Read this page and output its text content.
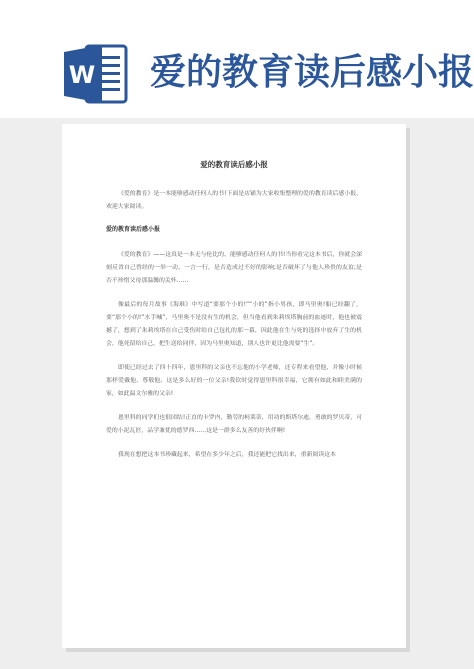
W 爱的教育读后感小报
爱的教育读后感小报

《爱的教育》是一本能够感动任何人的书!下面是店铺为大家收集整理的爱的教育读后感小报，欢迎大家阅读。

爱的教育读后感小报

《爱的教育》——这真是一本无与伦比的、能够感动任何人的书!当你看完这本书后，你就会深刻反省自己曾经的一举一动、一言一行，是否造成过不好的影响;是否破坏了与他人珍贵的友谊;是否不珍惜父母那温馨的关怀……

像最后的每月故事《海难》中写道“要那个小的!”“小的”指小男孩，即马里奥!船已经翻了，要“那个小的!”水手喊”，马里奥不是没有生的机会，但当他看到朱莉埃塔胸前的血迹时，他也被震撼了，想到了朱莉埃塔在自己受伤时给自己包扎的那一幕，因此他在生与死的选择中放弃了生的机会，他死留给自己，把生送给同伴，因为马里奥知道，别人也许更比他需要“生”。

即使已经过去了四十四年，恩里科的父亲也不忘他的小学老师，还专程来看望他，并像小时候那样爱戴他、尊敬他。这是多么好的一位父亲!我钦时觉得恩里科很幸福，它拥有如此和睦美满的家，如此温文尔雅的父亲!

恩里科的同学们也很团结!正直的卡罗内，勤劳的柯莱蒂，用功的斯塔尔迪，勇敢的罗贝蒂，可爱的小泥瓦匠，品学兼优的德罗西……这是一群多么友善的好伙伴啊!

我现在想把这本书珍藏起来，希望在多少年之后，我还能把它找出来，重新阅读这本
